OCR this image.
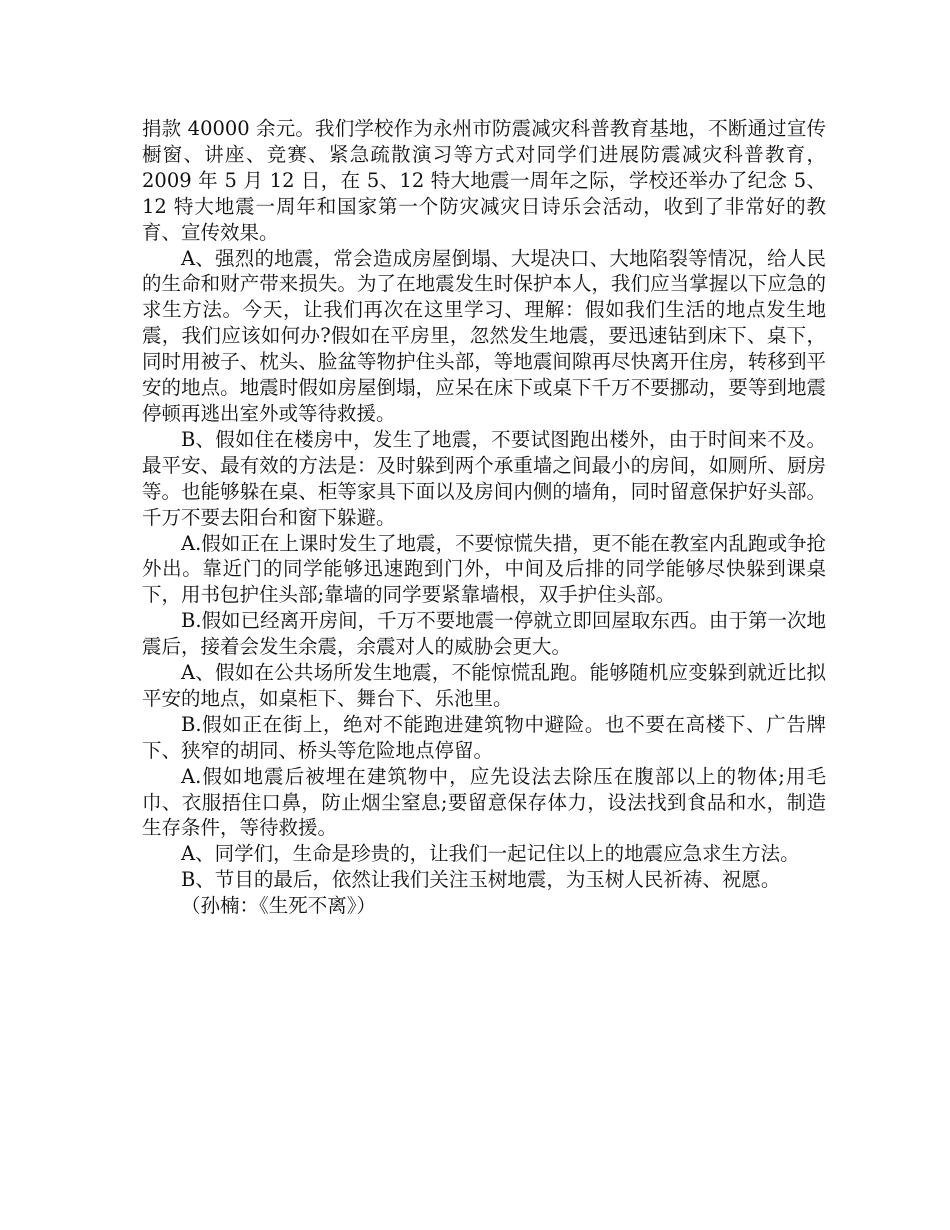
捐款 40000 余元。我们学校作为永州市防震减灾科普教育基地，不断通过宣传橱窗、讲座、竞赛、紧急疏散演习等方式对同学们进展防震减灾科普教育，2009 年 5 月 12 日，在 5、12 特大地震一周年之际，学校还举办了纪念 5、12 特大地震一周年和国家第一个防灾减灾日诗乐会活动，收到了非常好的教育、宣传效果。

A、强烈的地震，常会造成房屋倒塌、大堤决口、大地陷裂等情况，给人民的生命和财产带来损失。为了在地震发生时保护本人，我们应当掌握以下应急的求生方法。今天，让我们再次在这里学习、理解：假如我们生活的地点发生地震，我们应该如何办?假如在平房里，忽然发生地震，要迅速钻到床下、桌下，同时用被子、枕头、脸盆等物护住头部，等地震间隙再尽快离开住房，转移到平安的地点。地震时假如房屋倒塌，应呆在床下或桌下千万不要挪动，要等到地震停顿再逃出室外或等待救援。

B、假如住在楼房中，发生了地震，不要试图跑出楼外，由于时间来不及。最平安、最有效的方法是：及时躲到两个承重墙之间最小的房间，如厕所、厨房等。也能够躲在桌、柜等家具下面以及房间内侧的墙角，同时留意保护好头部。千万不要去阳台和窗下躲避。

A.假如正在上课时发生了地震，不要惊慌失措，更不能在教室内乱跑或争抢外出。靠近门的同学能够迅速跑到门外，中间及后排的同学能够尽快躲到课桌下，用书包护住头部;靠墙的同学要紧靠墙根，双手护住头部。

B.假如已经离开房间，千万不要地震一停就立即回屋取东西。由于第一次地震后，接着会发生余震，余震对人的威胁会更大。

A、假如在公共场所发生地震，不能惊慌乱跑。能够随机应变躲到就近比拟平安的地点，如桌柜下、舞台下、乐池里。

B.假如正在街上，绝对不能跑进建筑物中避险。也不要在高楼下、广告牌下、狭窄的胡同、桥头等危险地点停留。

A.假如地震后被埋在建筑物中，应先设法去除压在腹部以上的物体;用毛巾、衣服捂住口鼻，防止烟尘窒息;要留意保存体力，设法找到食品和水，制造生存条件，等待救援。

A、同学们，生命是珍贵的，让我们一起记住以上的地震应急求生方法。

B、节目的最后，依然让我们关注玉树地震，为玉树人民祈祷、祝愿。

（孙楠：《生死不离》）
